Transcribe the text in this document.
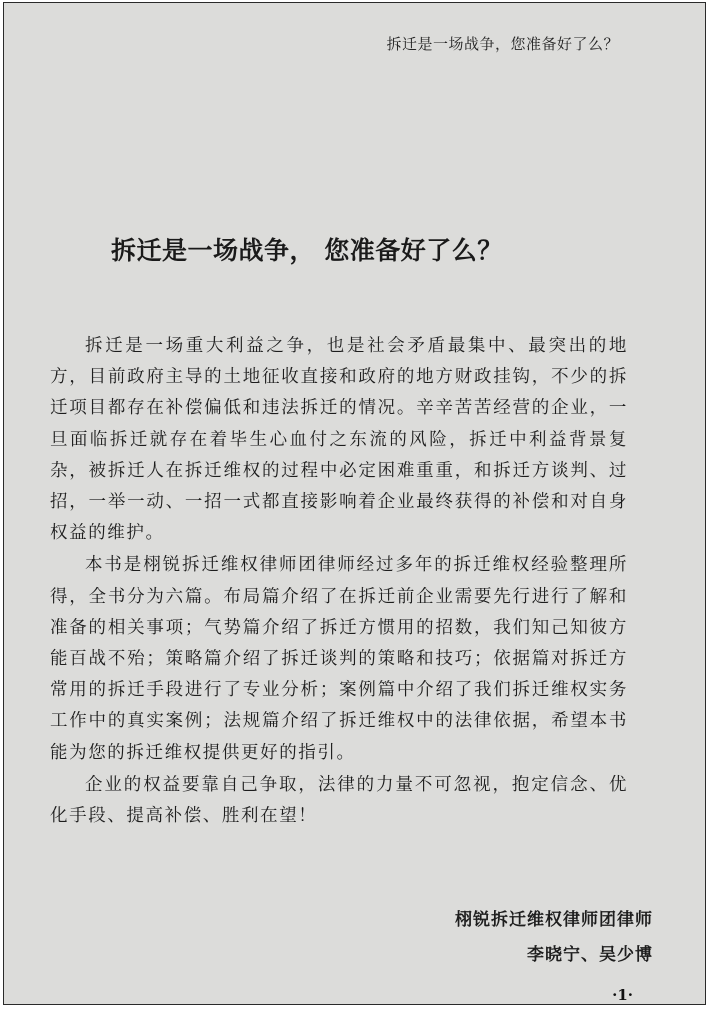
拆迁是一场战争，您准备好了么？
拆迁是一场战争， 您准备好了么？

拆迁是一场重大利益之争，也是社会矛盾最集中、最突出的地方，目前政府主导的土地征收直接和政府的地方财政挂钩，不少的拆迁项目都存在补偿偏低和违法拆迁的情况。辛辛苦苦经营的企业，一旦面临拆迁就存在着毕生心血付之东流的风险，拆迁中利益背景复杂，被拆迁人在拆迁维权的过程中必定困难重重，和拆迁方谈判、过招，一举一动、一招一式都直接影响着企业最终获得的补偿和对自身权益的维护。

本书是栩锐拆迁维权律师团律师经过多年的拆迁维权经验整理所得，全书分为六篇。布局篇介绍了在拆迁前企业需要先行进行了解和准备的相关事项；气势篇介绍了拆迁方惯用的招数，我们知己知彼方能百战不殆；策略篇介绍了拆迁谈判的策略和技巧；依据篇对拆迁方常用的拆迁手段进行了专业分析；案例篇中介绍了我们拆迁维权实务工作中的真实案例；法规篇介绍了拆迁维权中的法律依据，希望本书能为您的拆迁维权提供更好的指引。

企业的权益要靠自己争取，法律的力量不可忽视，抱定信念、优化手段、提高补偿、胜利在望！

栩锐拆迁维权律师团律师
李晓宁、吴少博
·1·
